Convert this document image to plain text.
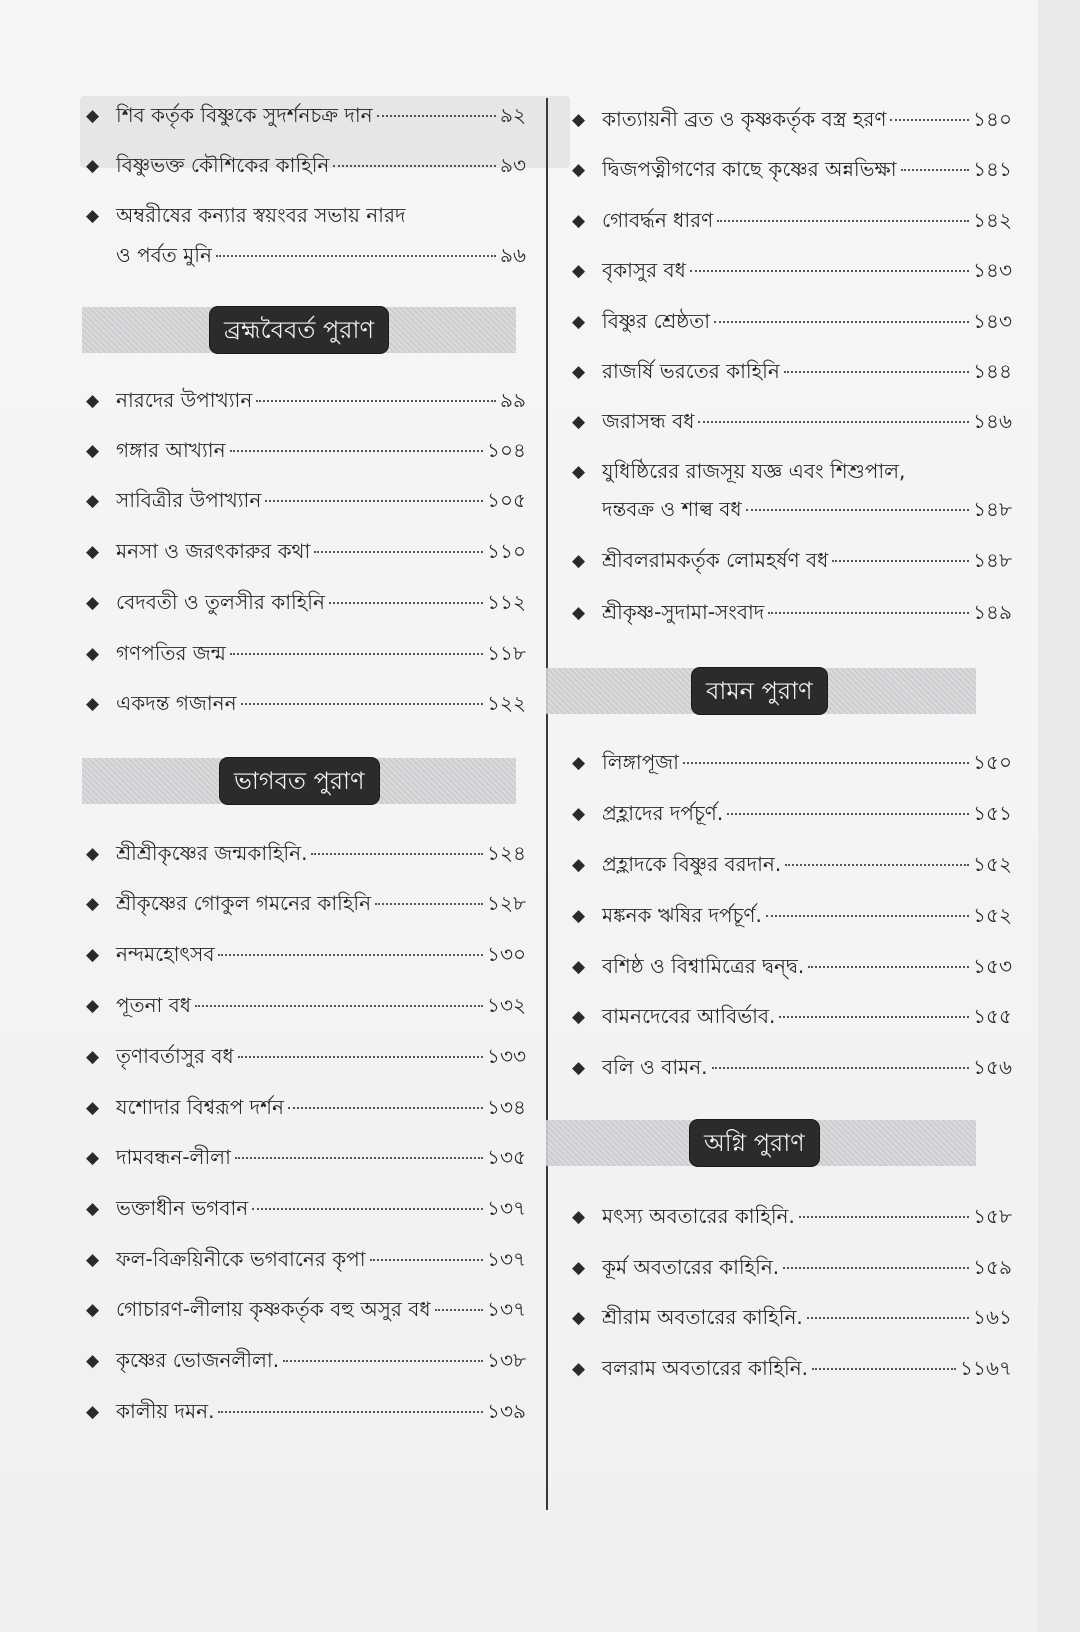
◆ শিব কর্তৃক বিষ্ণুকে সুদর্শনচক্র দান	৯২
◆ বিষ্ণুভক্ত কৌশিকের কাহিনি	৯৩
◆ অম্বরীষের কন্যার স্বয়ংবর সভায় নারদ
ও পর্বত মুনি	৯৬
ব্রহ্মবৈবর্ত পুরাণ
◆ নারদের উপাখ্যান	৯৯
◆ গঙ্গার আখ্যান	১০৪
◆ সাবিত্রীর উপাখ্যান	১০৫
◆ মনসা ও জরৎকারুর কথা	১১০
◆ বেদবতী ও তুলসীর কাহিনি	১১২
◆ গণপতির জন্ম	১১৮
◆ একদন্ত গজানন	১২২
ভাগবত পুরাণ
◆ শ্রীশ্রীকৃষ্ণের জন্মকাহিনি.	১২৪
◆ শ্রীকৃষ্ণের গোকুল গমনের কাহিনি	১২৮
◆ নন্দমহোৎসব	১৩০
◆ পূতনা বধ	১৩২
◆ তৃণাবর্তাসুর বধ	১৩৩
◆ যশোদার বিশ্বরূপ দর্শন	১৩৪
◆ দামবন্ধন-লীলা	১৩৫
◆ ভক্তাধীন ভগবান	১৩৭
◆ ফল-বিক্রয়িনীকে ভগবানের কৃপা	১৩৭
◆ গোচারণ-লীলায় কৃষ্ণকর্তৃক বহু অসুর বধ	১৩৭
◆ কৃষ্ণের ভোজনলীলা.	১৩৮
◆ কালীয় দমন.	১৩৯
◆ কাত্যায়নী ব্রত ও কৃষ্ণকর্তৃক বস্ত্র হরণ	১৪০
◆ দ্বিজপত্নীগণের কাছে কৃষ্ণের অন্নভিক্ষা	১৪১
◆ গোবর্দ্ধন ধারণ	১৪২
◆ বৃকাসুর বধ	১৪৩
◆ বিষ্ণুর শ্রেষ্ঠতা	১৪৩
◆ রাজর্ষি ভরতের কাহিনি	১৪৪
◆ জরাসন্ধ বধ	১৪৬
◆ যুধিষ্ঠিরের রাজসূয় যজ্ঞ এবং শিশুপাল,
দন্তবক্র ও শাল্ব বধ	১৪৮
◆ শ্রীবলরামকর্তৃক লোমহর্ষণ বধ	১৪৮
◆ শ্রীকৃষ্ণ-সুদামা-সংবাদ	১৪৯
বামন পুরাণ
◆ লিঙ্গাপূজা	১৫০
◆ প্রহ্লাদের দর্পচূর্ণ.	১৫১
◆ প্রহ্লাদকে বিষ্ণুর বরদান.	১৫২
◆ মঙ্কনক ঋষির দর্পচূর্ণ.	১৫২
◆ বশিষ্ঠ ও বিশ্বামিত্রের দ্বন্দ্ব.	১৫৩
◆ বামনদেবের আবির্ভাব.	১৫৫
◆ বলি ও বামন.	১৫৬
অগ্নি পুরাণ
◆ মৎস্য অবতারের কাহিনি.	১৫৮
◆ কূর্ম অবতারের কাহিনি.	১৫৯
◆ শ্রীরাম অবতারের কাহিনি.	১৬১
◆ বলরাম অবতারের কাহিনি.	১১৬৭
